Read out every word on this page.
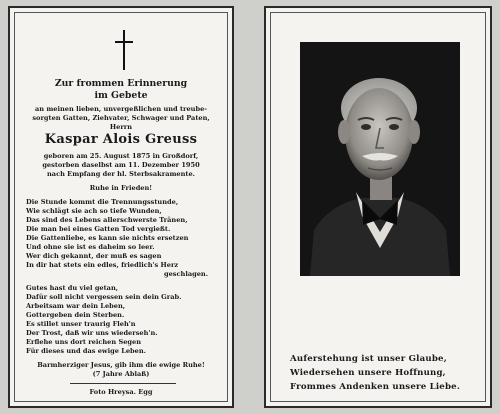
Zur frommen Erinnerung
im Gebete
an meinen lieben, unvergeßlichen und treube-
sorgten Gatten, Ziehvater, Schwager und Paten,
Herrn
Kaspar Alois Greuss
geboren am 25. August 1875 in Großdorf,
gestorben daselbst am 11. Dezember 1950
nach Empfang der hl. Sterbsakramente.
Ruhe in Frieden!
Die Stunde kommt die Trennungsstunde,
Wie schlägt sie ach so tiefe Wunden,
Das sind des Lebens allerschwerste Tränen,
Die man bei eines Gatten Tod vergießt.
Die Gattenliebe, es kann sie nichts ersetzen
Und ohne sie ist es daheim so leer.
Wer dich gekannt, der muß es sagen
In dir hat stets ein edles, friedlich's Herz
geschlagen.
Gutes hast du viel getan,
Dafür soll nicht vergessen sein dein Grab.
Arbeitsam war dein Leben,
Gottergeben dein Sterben.
Es stillet unser traurig Fleh'n
Der Trost, daß wir uns wiederseh'n.
Erflehe uns dort reichen Segen
Für dieses und das ewige Leben.
Barmherziger Jesus, gib ihm die ewige Ruhe!
(7 Jahre Ablaß)
Foto Hreysa. Egg
Auferstehung ist unser Glaube,
Wiedersehen unsere Hoffnung,
Frommes Andenken unsere Liebe.
